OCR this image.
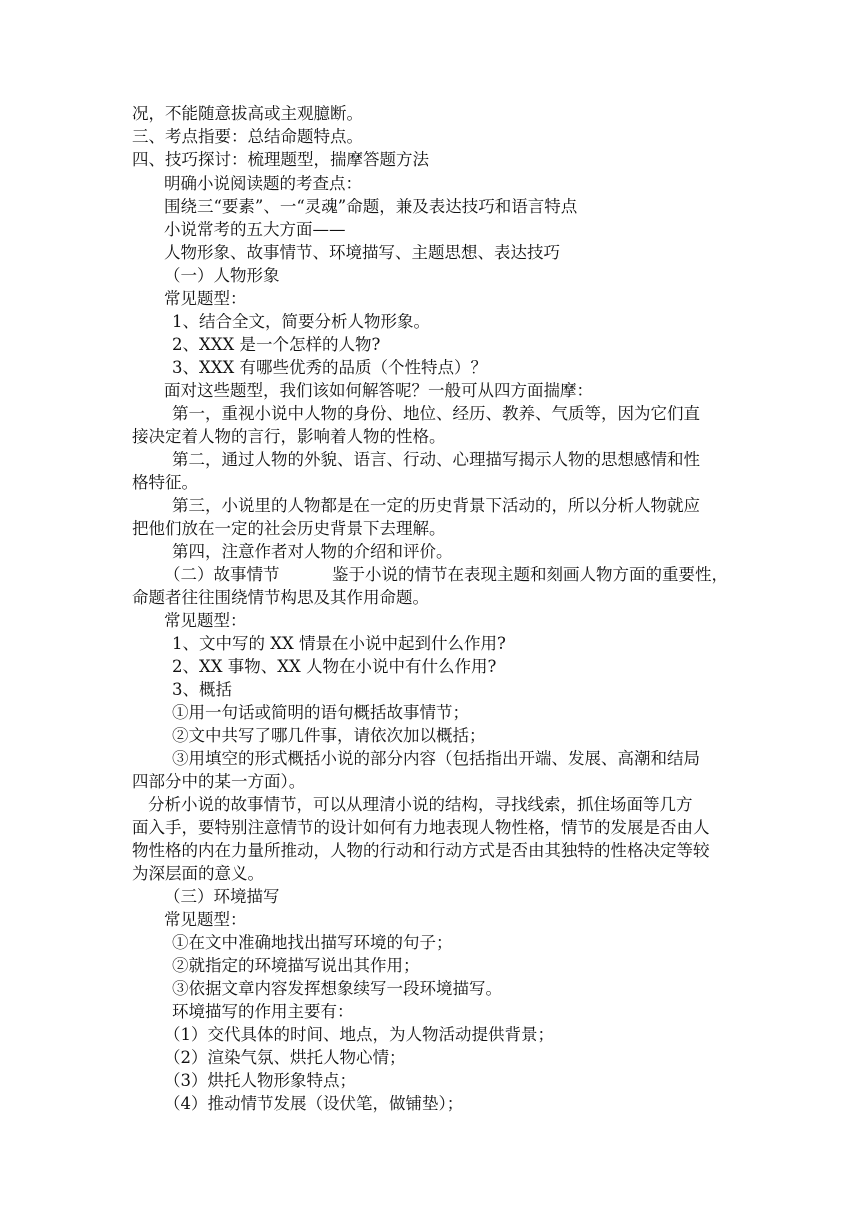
况，不能随意拔高或主观臆断。
三、考点指要：总结命题特点。
四、技巧探讨：梳理题型，揣摩答题方法
明确小说阅读题的考查点：
围绕三“要素”、一“灵魂”命题，兼及表达技巧和语言特点
小说常考的五大方面——
人物形象、故事情节、环境描写、主题思想、表达技巧
（一）人物形象
常见题型：
1、结合全文，简要分析人物形象。
2、XXX 是一个怎样的人物?
3、XXX 有哪些优秀的品质（个性特点）？
面对这些题型，我们该如何解答呢？一般可从四方面揣摩：
第一，重视小说中人物的身份、地位、经历、教养、气质等，因为它们直
接决定着人物的言行，影响着人物的性格。
第二，通过人物的外貌、语言、行动、心理描写揭示人物的思想感情和性
格特征。
第三，小说里的人物都是在一定的历史背景下活动的，所以分析人物就应
把他们放在一定的社会历史背景下去理解。
第四，注意作者对人物的介绍和评价。
（二）故事情节          鉴于小说的情节在表现主题和刻画人物方面的重要性，
命题者往往围绕情节构思及其作用命题。
常见题型：
1、文中写的 XX 情景在小说中起到什么作用?
2、XX 事物、XX 人物在小说中有什么作用?
3、概括
①用一句话或简明的语句概括故事情节；
②文中共写了哪几件事，请依次加以概括；
③用填空的形式概括小说的部分内容（包括指出开端、发展、高潮和结局
四部分中的某一方面）。
分析小说的故事情节，可以从理清小说的结构，寻找线索，抓住场面等几方
面入手，要特别注意情节的设计如何有力地表现人物性格，情节的发展是否由人
物性格的内在力量所推动，人物的行动和行动方式是否由其独特的性格决定等较
为深层面的意义。
（三）环境描写
常见题型：
①在文中准确地找出描写环境的句子；
②就指定的环境描写说出其作用；
③依据文章内容发挥想象续写一段环境描写。
环境描写的作用主要有：
（1）交代具体的时间、地点，为人物活动提供背景；
（2）渲染气氛、烘托人物心情；
（3）烘托人物形象特点；
（4）推动情节发展（设伏笔，做铺垫）；
